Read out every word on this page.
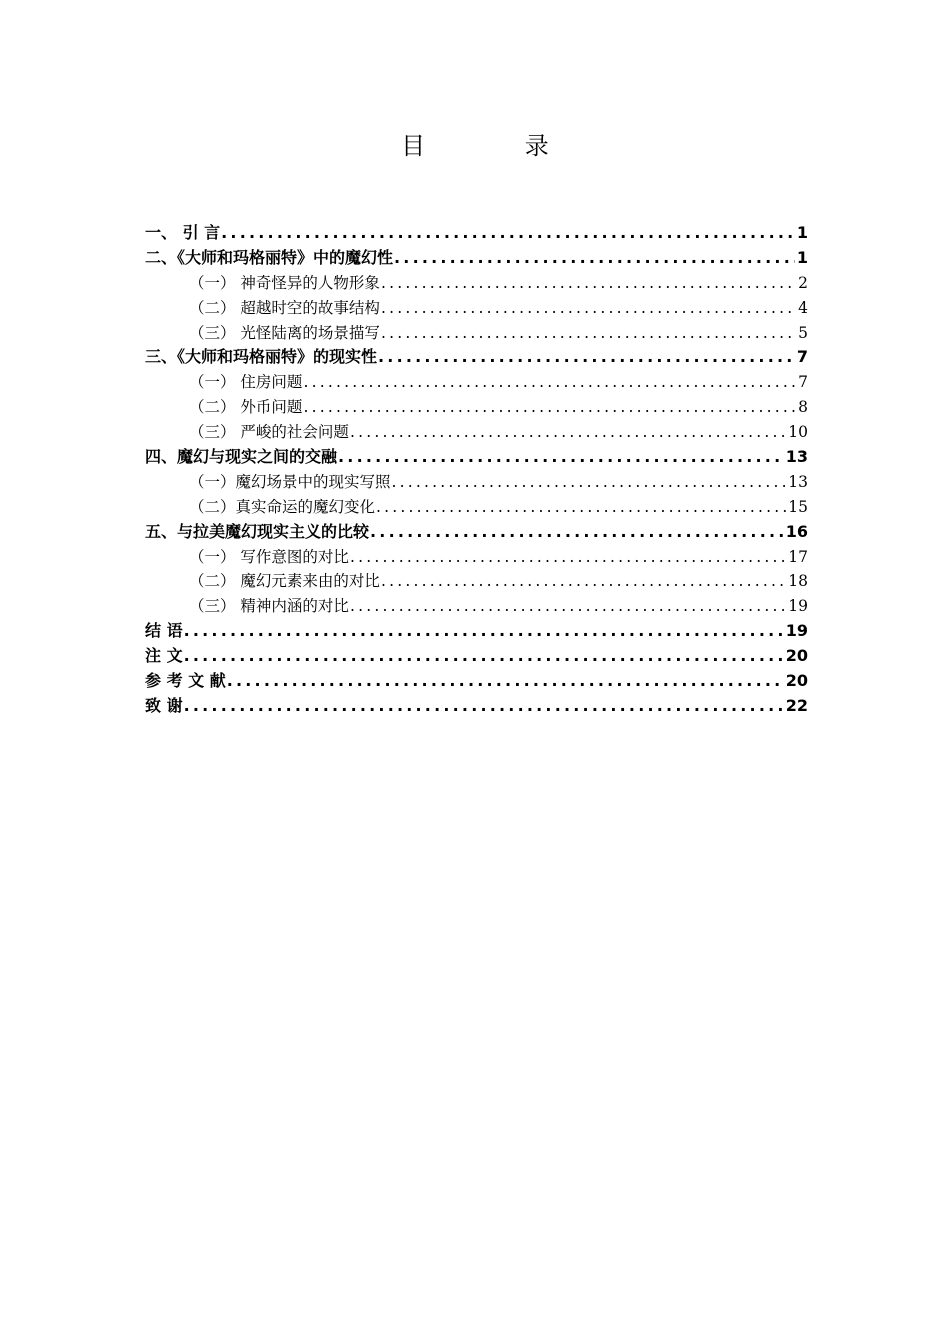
目 录
一、 引 言 .....	1
二、《大师和玛格丽特》中的魔幻性 .....	1
（一） 神奇怪异的人物形象 .....	2
（二） 超越时空的故事结构 .....	4
（三） 光怪陆离的场景描写 .....	5
三、《大师和玛格丽特》的现实性 .....	7
（一） 住房问题 .....	7
（二） 外币问题 .....	8
（三） 严峻的社会问题 .....	10
四、魔幻与现实之间的交融 .....	13
（一）魔幻场景中的现实写照 .....	13
（二）真实命运的魔幻变化 .....	15
五、与拉美魔幻现实主义的比较 .....	16
（一） 写作意图的对比 .....	17
（二） 魔幻元素来由的对比 .....	18
（三） 精神内涵的对比 .....	19
结 语 .....	19
注 文 .....	20
参 考 文 献 .....	20
致 谢 .....	22
